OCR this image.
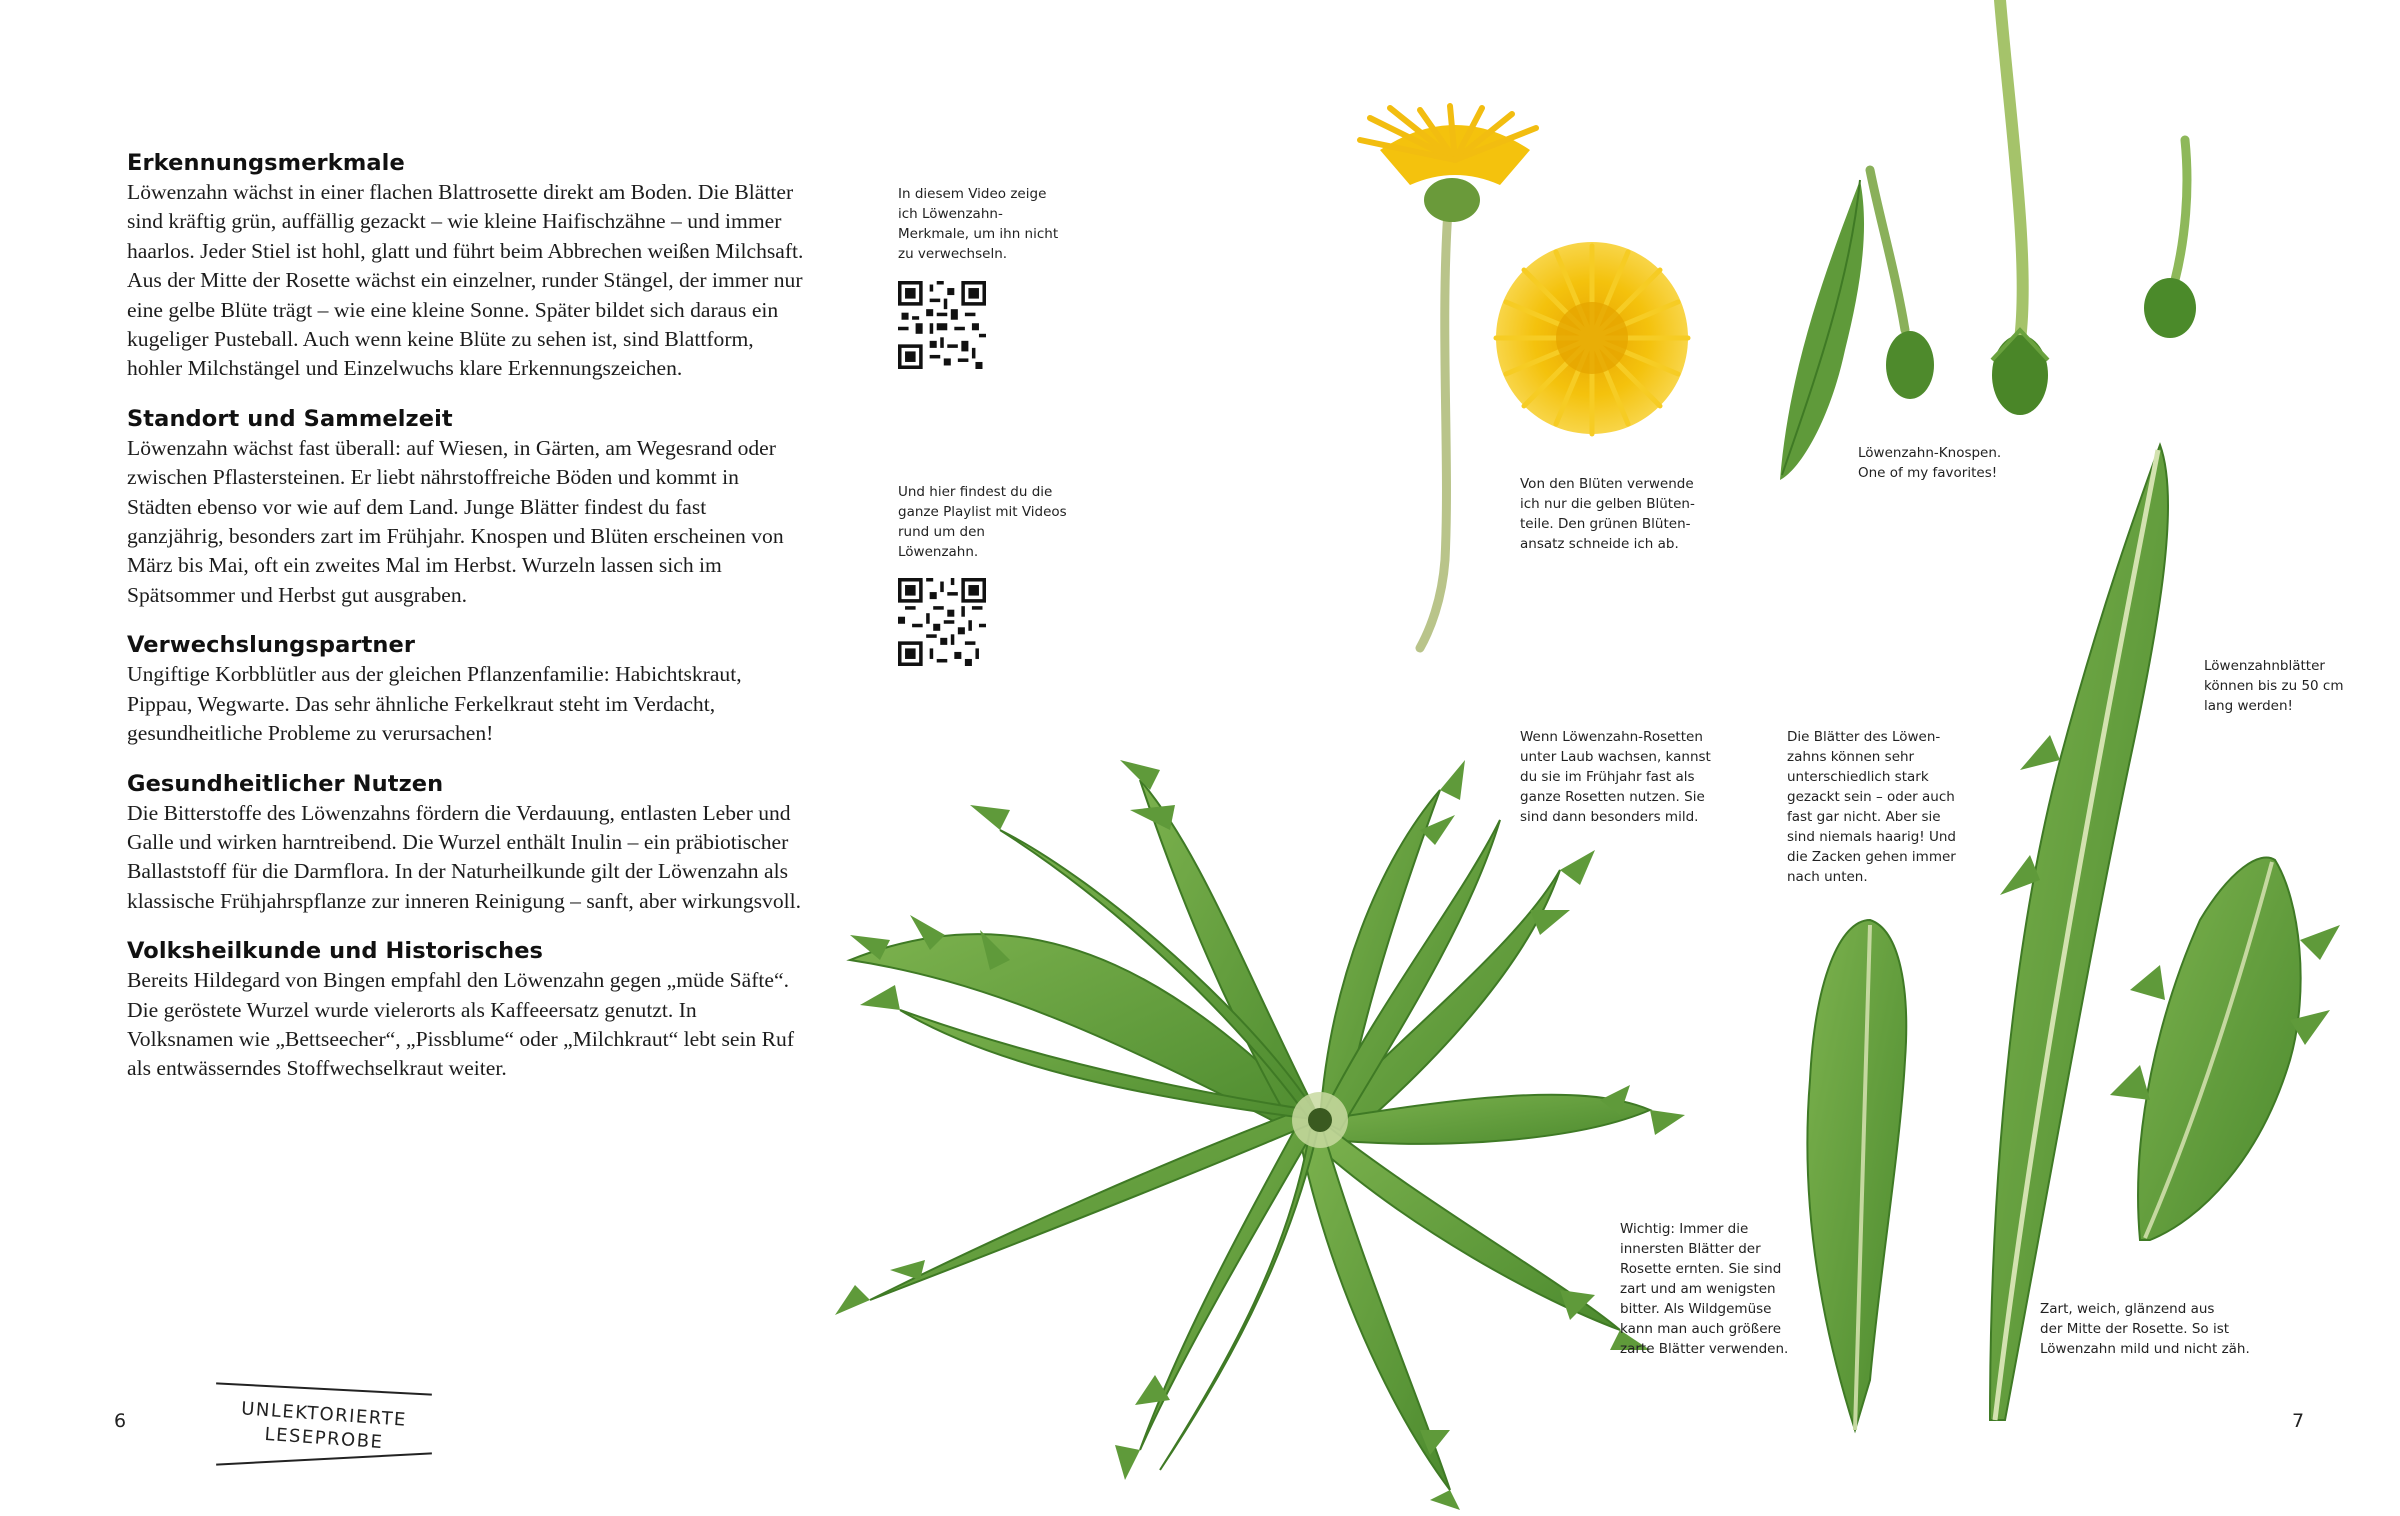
Erkennungsmerkmale

Löwenzahn wächst in einer flachen Blattrosette direkt am Boden. Die Blätter sind kräftig grün, auffällig gezackt – wie kleine Haifischzähne – und immer haarlos. Jeder Stiel ist hohl, glatt und führt beim Abbrechen weißen Milchsaft. Aus der Mitte der Rosette wächst ein einzelner, runder Stängel, der immer nur eine gelbe Blüte trägt – wie eine kleine Sonne. Später bildet sich daraus ein kugeliger Pusteball. Auch wenn keine Blüte zu sehen ist, sind Blattform, hohler Milchstängel und Einzelwuchs klare Erkennungszeichen.

Standort und Sammelzeit

Löwenzahn wächst fast überall: auf Wiesen, in Gärten, am Wegesrand oder zwischen Pflastersteinen. Er liebt nährstoffreiche Böden und kommt in Städten ebenso vor wie auf dem Land. Junge Blätter findest du fast ganzjährig, besonders zart im Frühjahr. Knospen und Blüten erscheinen von März bis Mai, oft ein zweites Mal im Herbst. Wurzeln lassen sich im Spätsommer und Herbst gut ausgraben.

Verwechslungspartner

Ungiftige Korbblütler aus der gleichen Pflanzenfamilie: Habichtskraut, Pippau, Wegwarte. Das sehr ähnliche Ferkelkraut steht im Verdacht, gesundheitliche Probleme zu verursachen!

Gesundheitlicher Nutzen

Die Bitterstoffe des Löwenzahns fördern die Verdauung, entlasten Leber und Galle und wirken harntreibend. Die Wurzel enthält Inulin – ein präbiotischer Ballaststoff für die Darmflora. In der Naturheilkunde gilt der Löwenzahn als klassische Frühjahrspflanze zur inneren Reinigung – sanft, aber wirkungsvoll.

Volksheilkunde und Historisches

Bereits Hildegard von Bingen empfahl den Löwenzahn gegen „müde Säfte“. Die geröstete Wurzel wurde vielerorts als Kaffeeersatz genutzt. In Volksnamen wie „Bettseecher“, „Pissblume“ oder „Milchkraut“ lebt sein Ruf als entwässerndes Stoffwechselkraut weiter.

In diesem Video zeige ich Löwenzahn-Merkmale, um ihn nicht zu verwechseln.
Und hier findest du die ganze Playlist mit Videos rund um den Löwenzahn.
Von den Blüten verwende
ich nur die gelben Blüten-
teile. Den grünen Blüten-
ansatz schneide ich ab.
Löwenzahn-Knospen.
One of my favorites!
Löwenzahnblätter
können bis zu 50 cm
lang werden!
Wenn Löwenzahn-Rosetten
unter Laub wachsen, kannst
du sie im Frühjahr fast als
ganze Rosetten nutzen. Sie
sind dann besonders mild.
Die Blätter des Löwen-
zahns können sehr
unterschiedlich stark
gezackt sein – oder auch
fast gar nicht. Aber sie
sind niemals haarig! Und
die Zacken gehen immer
nach unten.
Wichtig: Immer die
innersten Blätter der
Rosette ernten. Sie sind
zart und am wenigsten
bitter. Als Wildgemüse
kann man auch größere
zarte Blätter verwenden.
Zart, weich, glänzend aus
der Mitte der Rosette. So ist
Löwenzahn mild und nicht zäh.
6	7
UNLEKTORIERTE
LESEPROBE
